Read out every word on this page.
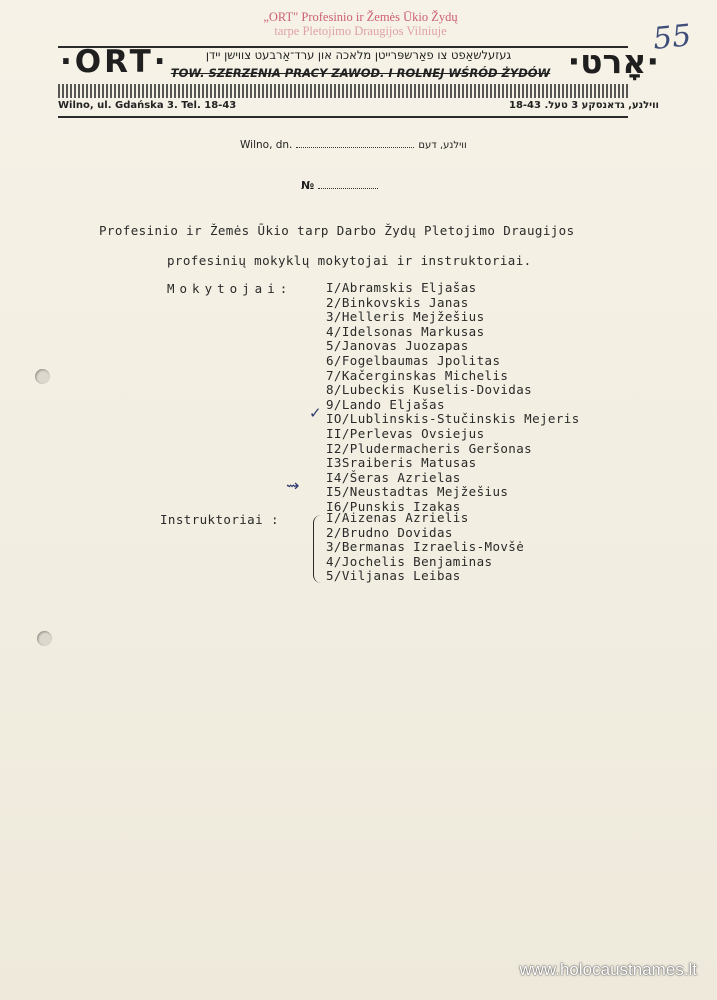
„ORT" Profesinio ir Žemės Ūkio Žydų
tarpe Pletojimo Draugijos Vilniuje	55
·ORT·	·אָרט·
געזעלשאַפט צו פאַרשפּרייטן מלאכה און ערד־אַרבעט צווישן יידן
TOW. SZERZENIA PRACY ZAWOD. I ROLNEJ WŚRÓD ŻYDÓW
Wilno, ul. Gdańska 3. Tel. 18-43	ווילנע, גדאנסקע 3 טעל. 18-43
Wilno, dn.	ווילנע, דעם
№
Profesinio ir Žemės Ūkio tarp Darbo Žydų Pletojimo Draugijos
profesinių mokyklų mokytojai ir instruktoriai.
Mokytojai:	I/Abramskis Eljašas
2/Binkovskis Janas
3/Helleris Mejžešius
4/Idelsonas Markusas
5/Janovas Juozapas
6/Fogelbaumas Jpolitas
7/Kačerginskas Michelis
8/Lubeckis Kuselis-Dovidas
9/Lando Eljašas
IO/Lublinskis-Stučinskis Mejeris
II/Perlevas Ovsiejus
I2/Pludermacheris Geršonas
I3Sraiberis Matusas
I4/Šeras Azrielas
I5/Neustadtas Mejžešius
I6/Punskis Izakas
Instruktoriai :	I/Aizenas Azrielis
2/Brudno Dovidas
3/Bermanas Izraelis-Movšė
4/Jochelis Benjaminas
5/Viljanas Leibas
✓
⇝
www.holocaustnames.lt
